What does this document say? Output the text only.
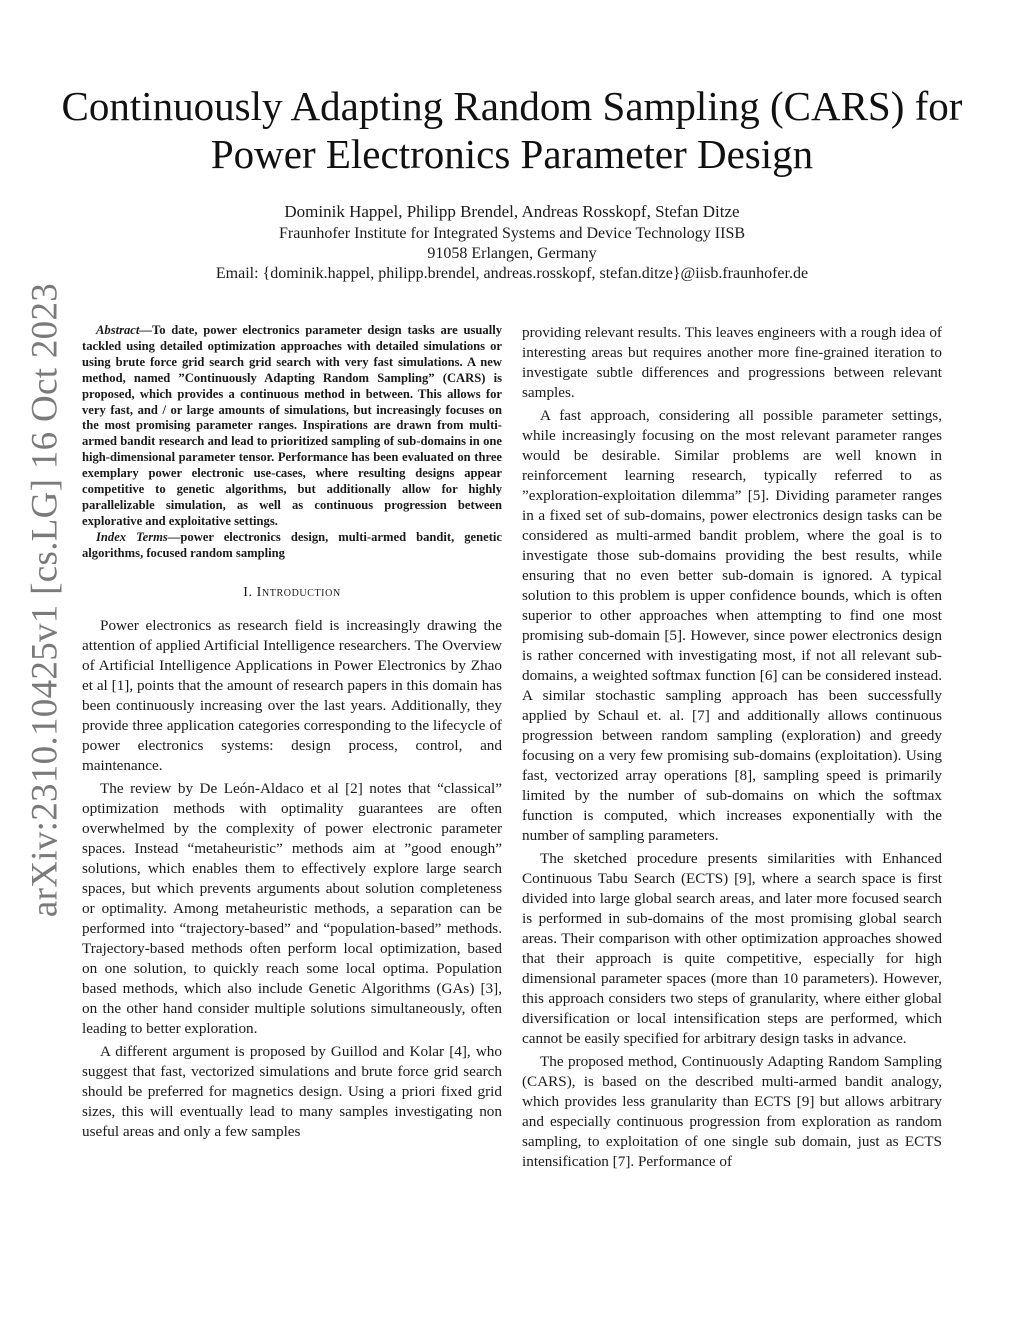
arXiv:2310.10425v1 [cs.LG] 16 Oct 2023
Continuously Adapting Random Sampling (CARS) for Power Electronics Parameter Design
Dominik Happel, Philipp Brendel, Andreas Rosskopf, Stefan Ditze
Fraunhofer Institute for Integrated Systems and Device Technology IISB
91058 Erlangen, Germany
Email: {dominik.happel, philipp.brendel, andreas.rosskopf, stefan.ditze}@iisb.fraunhofer.de

Abstract—To date, power electronics parameter design tasks are usually tackled using detailed optimization approaches with detailed simulations or using brute force grid search grid search with very fast simulations. A new method, named ”Continuously Adapting Random Sampling” (CARS) is proposed, which provides a continuous method in between. This allows for very fast, and / or large amounts of simulations, but increasingly focuses on the most promising parameter ranges. Inspirations are drawn from multi-armed bandit research and lead to prioritized sampling of sub-domains in one high-dimensional parameter tensor. Performance has been evaluated on three exemplary power electronic use-cases, where resulting designs appear competitive to genetic algorithms, but additionally allow for highly parallelizable simulation, as well as continuous progression between explorative and exploitative settings.

Index Terms—power electronics design, multi-armed bandit, genetic algorithms, focused random sampling

I. Introduction

Power electronics as research field is increasingly drawing the attention of applied Artificial Intelligence researchers. The Overview of Artificial Intelligence Applications in Power Electronics by Zhao et al [1], points that the amount of research papers in this domain has been continuously increasing over the last years. Additionally, they provide three application categories corresponding to the lifecycle of power electronics systems: design process, control, and maintenance.

The review by De León-Aldaco et al [2] notes that “classical” optimization methods with optimality guarantees are often overwhelmed by the complexity of power electronic parameter spaces. Instead “metaheuristic” methods aim at ”good enough” solutions, which enables them to effectively explore large search spaces, but which prevents arguments about solution completeness or optimality. Among metaheuristic methods, a separation can be performed into “trajectory-based” and “population-based” methods. Trajectory-based methods often perform local optimization, based on one solution, to quickly reach some local optima. Population based methods, which also include Genetic Algorithms (GAs) [3], on the other hand consider multiple solutions simultaneously, often leading to better exploration.

A different argument is proposed by Guillod and Kolar [4], who suggest that fast, vectorized simulations and brute force grid search should be preferred for magnetics design. Using a priori fixed grid sizes, this will eventually lead to many samples investigating non useful areas and only a few samples

providing relevant results. This leaves engineers with a rough idea of interesting areas but requires another more fine-grained iteration to investigate subtle differences and progressions between relevant samples.

A fast approach, considering all possible parameter settings, while increasingly focusing on the most relevant parameter ranges would be desirable. Similar problems are well known in reinforcement learning research, typically referred to as ”exploration-exploitation dilemma” [5]. Dividing parameter ranges in a fixed set of sub-domains, power electronics design tasks can be considered as multi-armed bandit problem, where the goal is to investigate those sub-domains providing the best results, while ensuring that no even better sub-domain is ignored. A typical solution to this problem is upper confidence bounds, which is often superior to other approaches when attempting to find one most promising sub-domain [5]. However, since power electronics design is rather concerned with investigating most, if not all relevant sub-domains, a weighted softmax function [6] can be considered instead. A similar stochastic sampling approach has been successfully applied by Schaul et. al. [7] and additionally allows continuous progression between random sampling (exploration) and greedy focusing on a very few promising sub-domains (exploitation). Using fast, vectorized array operations [8], sampling speed is primarily limited by the number of sub-domains on which the softmax function is computed, which increases exponentially with the number of sampling parameters.

The sketched procedure presents similarities with Enhanced Continuous Tabu Search (ECTS) [9], where a search space is first divided into large global search areas, and later more focused search is performed in sub-domains of the most promising global search areas. Their comparison with other optimization approaches showed that their approach is quite competitive, especially for high dimensional parameter spaces (more than 10 parameters). However, this approach considers two steps of granularity, where either global diversification or local intensification steps are performed, which cannot be easily specified for arbitrary design tasks in advance.

The proposed method, Continuously Adapting Random Sampling (CARS), is based on the described multi-armed bandit analogy, which provides less granularity than ECTS [9] but allows arbitrary and especially continuous progression from exploration as random sampling, to exploitation of one single sub domain, just as ECTS intensification [7]. Performance of
